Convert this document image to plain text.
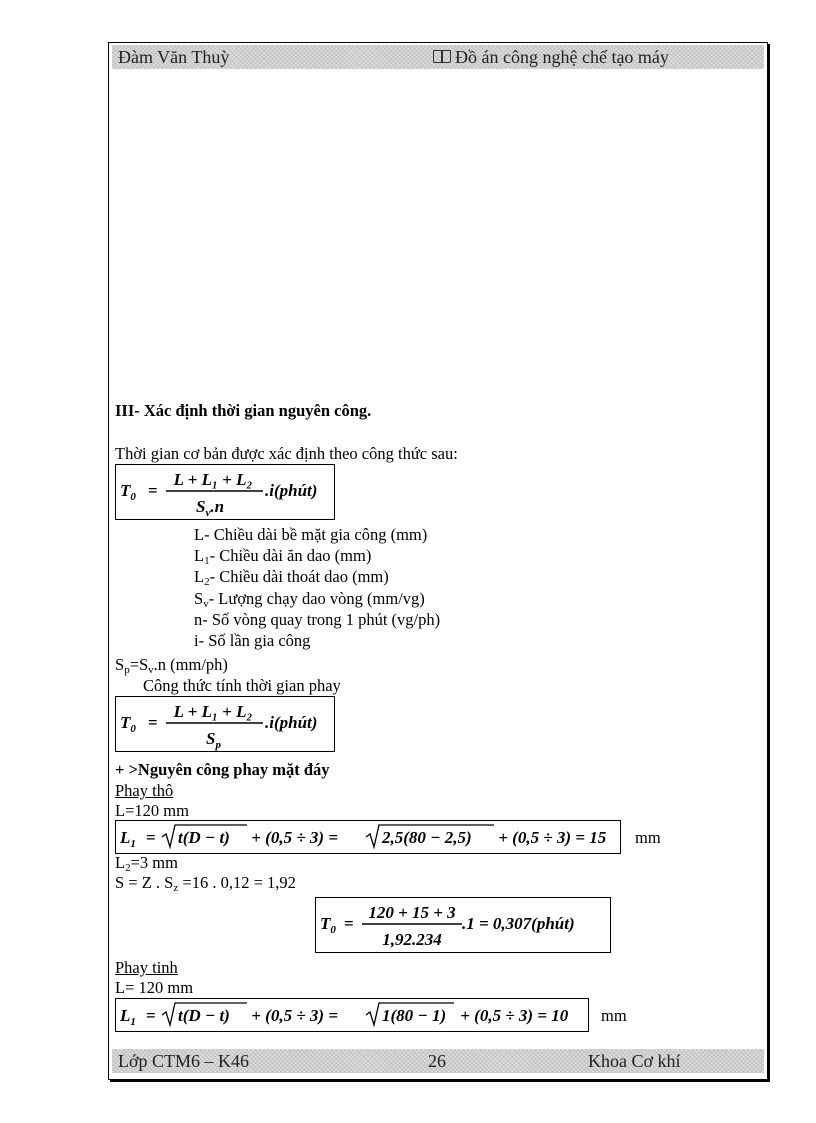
Đàm Văn Thuỳ	Đồ án công nghệ chế tạo máy
III- Xác định thời gian nguyên công.
Thời gian cơ bản được xác định theo công thức sau:
$T_0$ =
L + L₁ + L₂
$S_v.n$
.i(phút)
L- Chiều dài bề mặt gia công (mm)
$L_1-$ Chiều dài ăn dao (mm)
$L_2-$ Chiều dài thoát dao (mm)
$S_v-$ Lượng chạy dao vòng (mm/vg)
n- Số vòng quay trong 1 phút (vg/ph)
i- Số lần gia công
$S_p=S_v.n$ (mm/ph)
Công thức tính thời gian phay
$T_0$ =
L + L₁ + L₂
$S_p$
.i(phút)
+ >Nguyên công phay mặt đáy
Phay thô
L=120 mm
$L_1 = t(D - t) + (0,5 \div 3) = 2,5(80 - 2,5) + (0,5 \div 3) = 15$ mm
$L_2=3$ mm
S = Z . $S_z =16$ . 0,12 = 1,92
$T_0$ =
120 + 15 + 3
1,92.234
.1 = 0,307(phút)
Phay tinh
L= 120 mm
$L_1 = t(D - t) + (0,5 \div 3) = 1(80 - 1) + (0,5 \div 3) = 10$ mm
Lớp CTM6 – K46	26	Khoa Cơ khí
